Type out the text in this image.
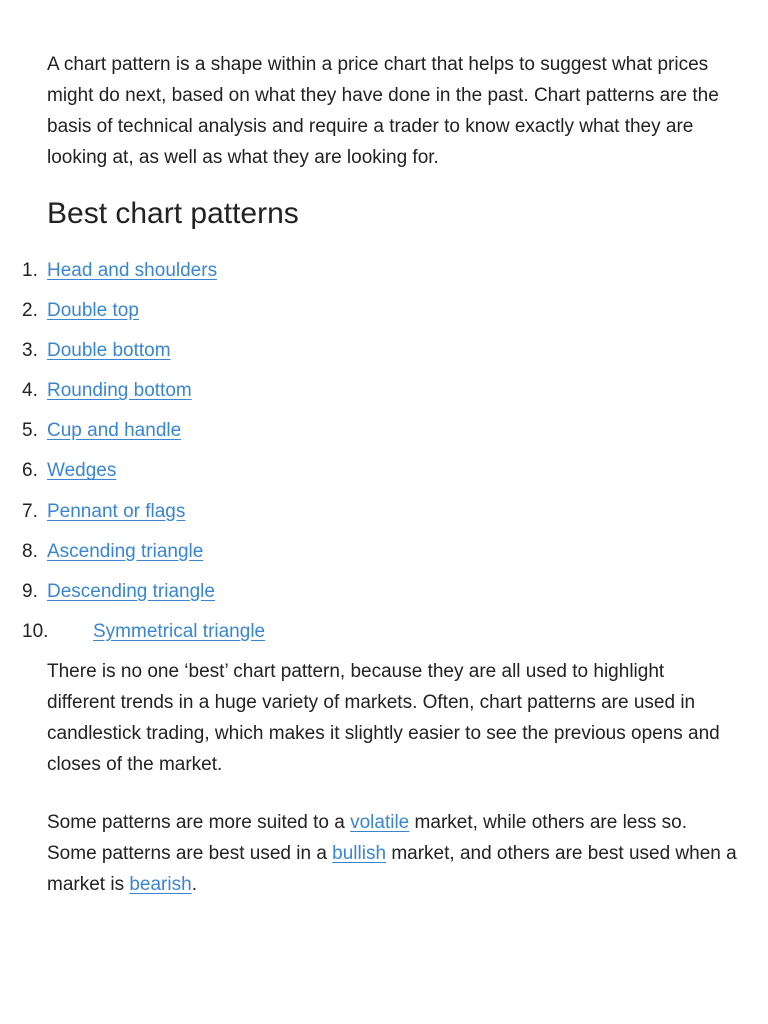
A chart pattern is a shape within a price chart that helps to suggest what prices might do next, based on what they have done in the past. Chart patterns are the basis of technical analysis and require a trader to know exactly what they are looking at, as well as what they are looking for.

Best chart patterns
1. Head and shoulders
2. Double top
3. Double bottom
4. Rounding bottom
5. Cup and handle
6. Wedges
7. Pennant or flags
8. Ascending triangle
9. Descending triangle
10. Symmetrical triangle

There is no one ‘best’ chart pattern, because they are all used to highlight different trends in a huge variety of markets. Often, chart patterns are used in candlestick trading, which makes it slightly easier to see the previous opens and closes of the market.

Some patterns are more suited to a volatile market, while others are less so. Some patterns are best used in a bullish market, and others are best used when a market is bearish.
